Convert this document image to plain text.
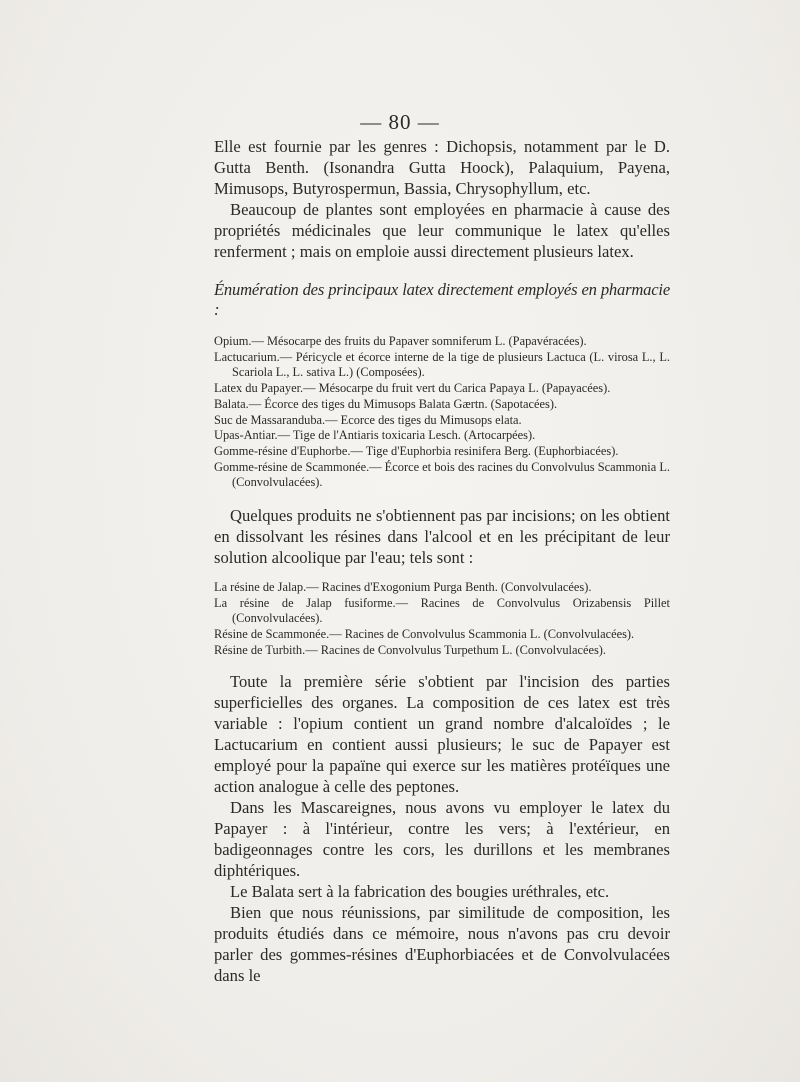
— 80 —

Elle est fournie par les genres : Dichopsis, notamment par le D. Gutta Benth. (Isonandra Gutta Hoock), Palaquium, Payena, Mimusops, Butyrospermun, Bassia, Chrysophyllum, etc.

Beaucoup de plantes sont employées en pharmacie à cause des propriétés médicinales que leur communique le latex qu'elles renferment ; mais on emploie aussi directement plusieurs latex.

Énumération des principaux latex directement employés en pharmacie :
Opium.— Mésocarpe des fruits du Papaver somniferum L. (Papavéracées).
Lactucarium.— Péricycle et écorce interne de la tige de plusieurs Lactuca (L. virosa L., L. Scariola L., L. sativa L.) (Composées).
Latex du Papayer.— Mésocarpe du fruit vert du Carica Papaya L. (Papayacées).
Balata.— Écorce des tiges du Mimusops Balata Gærtn. (Sapotacées).
Suc de Massaranduba.— Ecorce des tiges du Mimusops elata.
Upas-Antiar.— Tige de l'Antiaris toxicaria Lesch. (Artocarpées).
Gomme-résine d'Euphorbe.— Tige d'Euphorbia resinifera Berg. (Euphorbiacées).
Gomme-résine de Scammonée.— Écorce et bois des racines du Convolvulus Scammonia L. (Convolvulacées).

Quelques produits ne s'obtiennent pas par incisions; on les obtient en dissolvant les résines dans l'alcool et en les précipitant de leur solution alcoolique par l'eau; tels sont :

La résine de Jalap.— Racines d'Exogonium Purga Benth. (Convolvulacées).
La résine de Jalap fusiforme.— Racines de Convolvulus Orizabensis Pillet (Convolvulacées).
Résine de Scammonée.— Racines de Convolvulus Scammonia L. (Convolvulacées).
Résine de Turbith.— Racines de Convolvulus Turpethum L. (Convolvulacées).

Toute la première série s'obtient par l'incision des parties superficielles des organes. La composition de ces latex est très variable : l'opium contient un grand nombre d'alcaloïdes ; le Lactucarium en contient aussi plusieurs; le suc de Papayer est employé pour la papaïne qui exerce sur les matières protéïques une action analogue à celle des peptones.

Dans les Mascareignes, nous avons vu employer le latex du Papayer : à l'intérieur, contre les vers; à l'extérieur, en badigeonnages contre les cors, les durillons et les membranes diphtériques.

Le Balata sert à la fabrication des bougies uréthrales, etc.

Bien que nous réunissions, par similitude de composition, les produits étudiés dans ce mémoire, nous n'avons pas cru devoir parler des gommes-résines d'Euphorbiacées et de Convolvulacées dans le
